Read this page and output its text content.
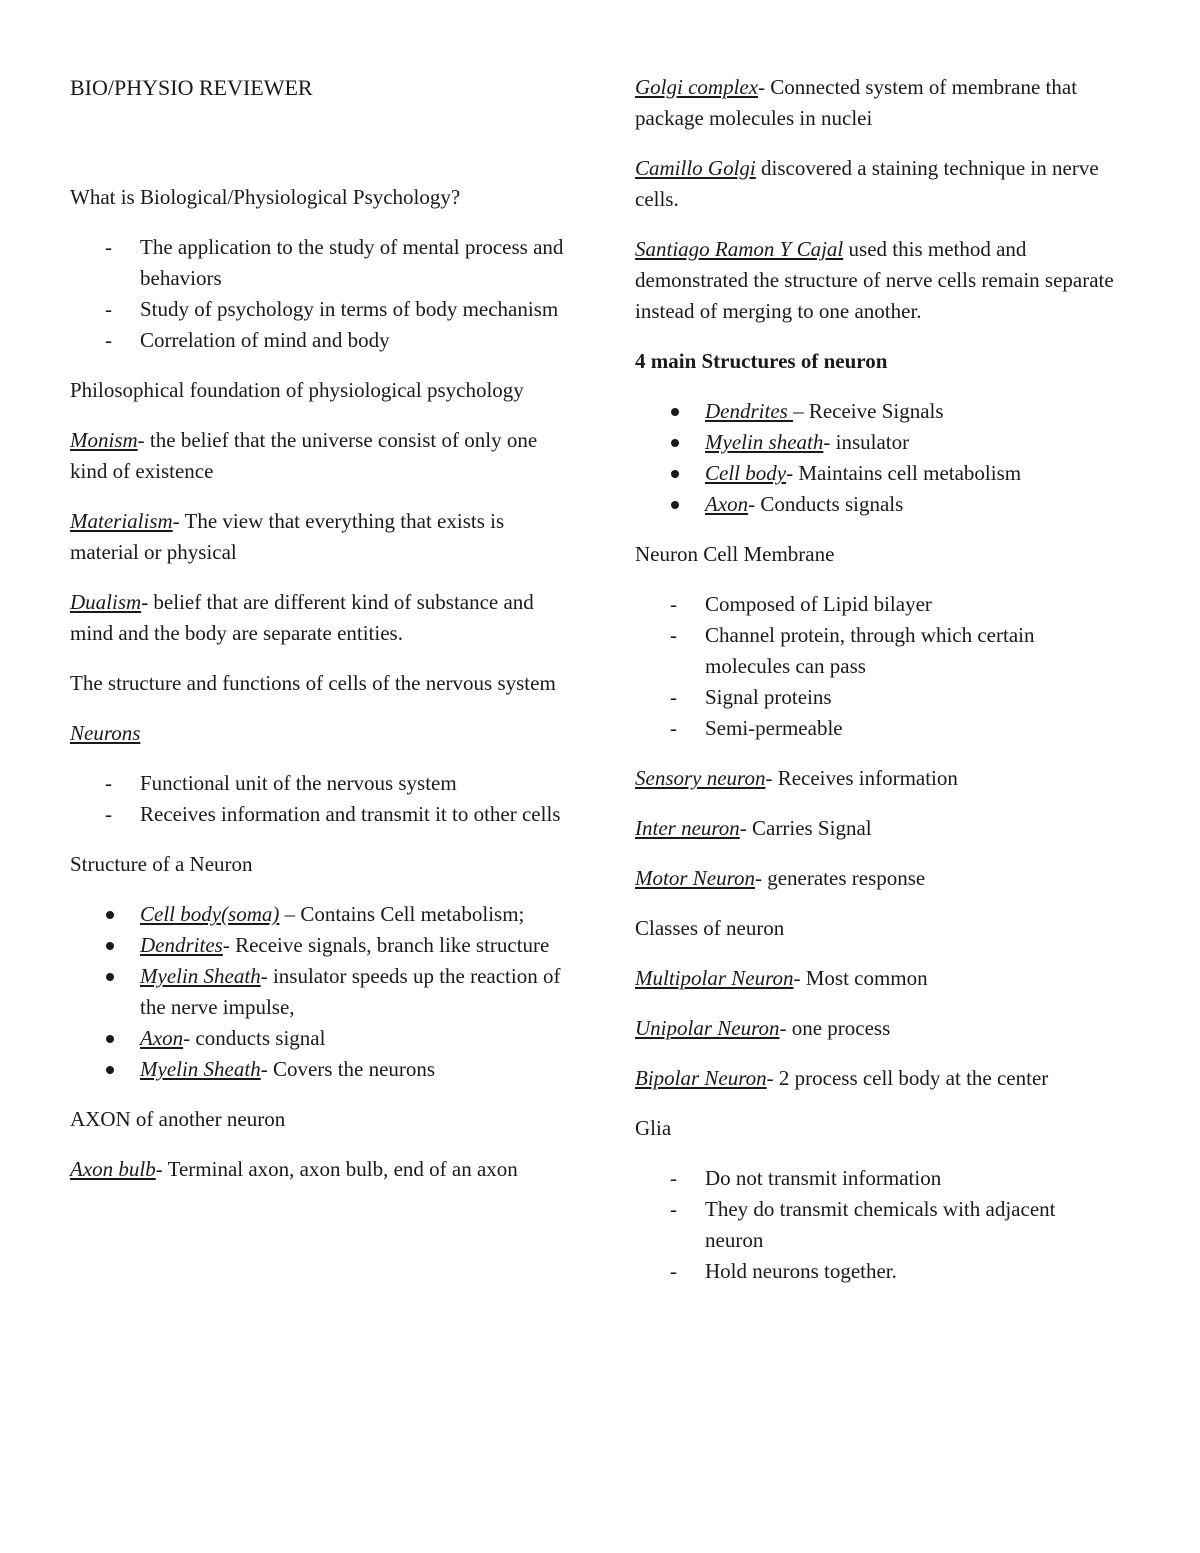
BIO/PHYSIO REVIEWER

What is Biological/Physiological Psychology?

- The application to the study of mental process and behaviors
- Study of psychology in terms of body mechanism
- Correlation of mind and body

Philosophical foundation of physiological psychology

Monism- the belief that the universe consist of only one kind of existence

Materialism- The view that everything that exists is material or physical

Dualism- belief that are different kind of substance and mind and the body are separate entities.

The structure and functions of cells of the nervous system

Neurons

- Functional unit of the nervous system
- Receives information and transmit it to other cells

Structure of a Neuron

Cell body(soma) – Contains Cell metabolism;
Dendrites- Receive signals, branch like structure
Myelin Sheath- insulator speeds up the reaction of the nerve impulse,
Axon- conducts signal
Myelin Sheath- Covers the neurons

AXON of another neuron

Axon bulb- Terminal axon, axon bulb, end of an axon

Golgi complex- Connected system of membrane that package molecules in nuclei

Camillo Golgi discovered a staining technique in nerve cells.

Santiago Ramon Y Cajal used this method and demonstrated the structure of nerve cells remain separate instead of merging to one another.

4 main Structures of neuron

Dendrites – Receive Signals
Myelin sheath- insulator
Cell body- Maintains cell metabolism
Axon- Conducts signals

Neuron Cell Membrane

- Composed of Lipid bilayer
- Channel protein, through which certain molecules can pass
- Signal proteins
- Semi-permeable

Sensory neuron- Receives information

Inter neuron- Carries Signal

Motor Neuron- generates response

Classes of neuron

Multipolar Neuron- Most common

Unipolar Neuron- one process

Bipolar Neuron- 2 process cell body at the center

Glia

- Do not transmit information
- They do transmit chemicals with adjacent neuron
- Hold neurons together.
